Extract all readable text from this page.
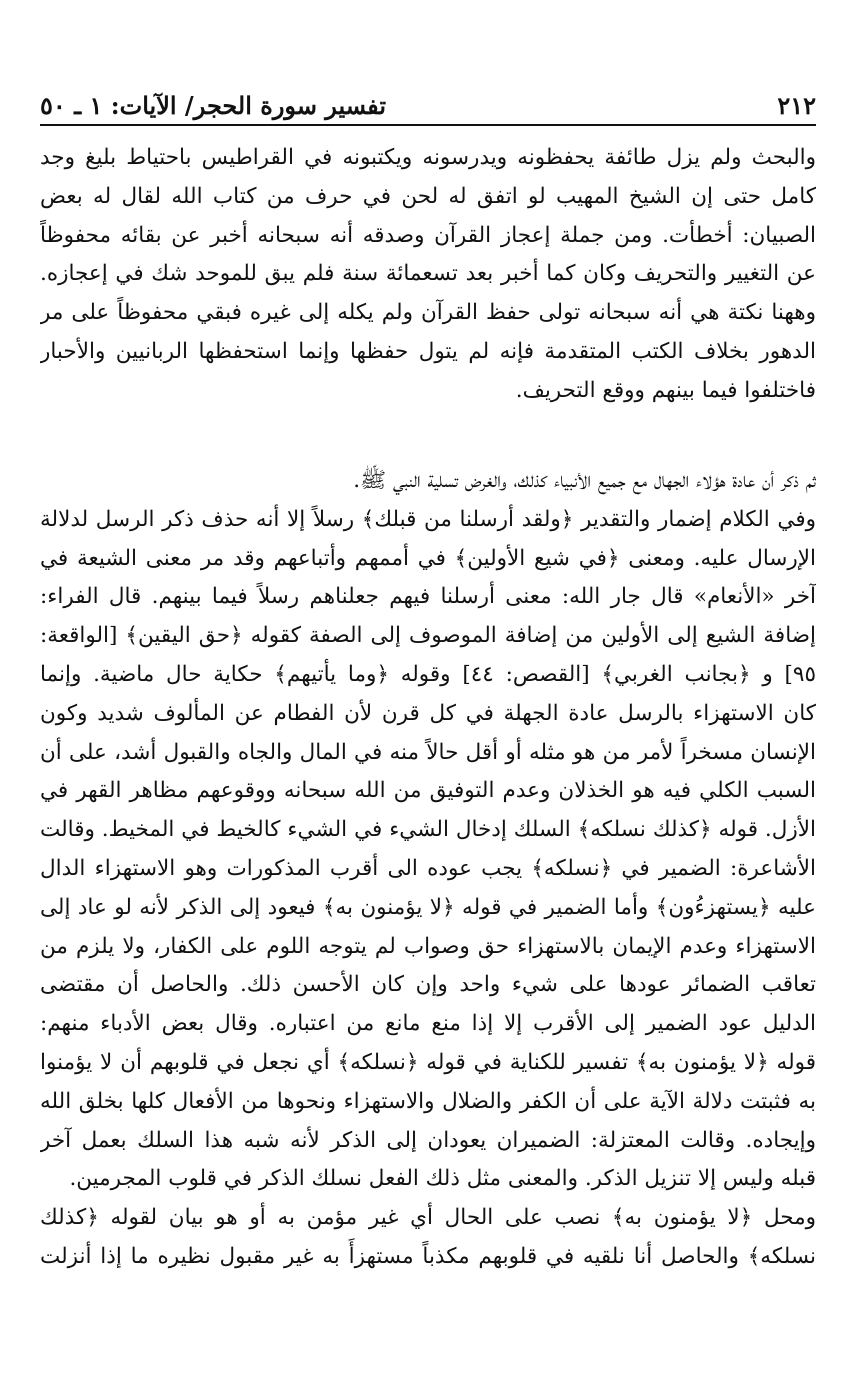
٢١٢
تفسير سورة الحجر/ الآيات: ١ ـ ٥٠
والبحث ولم يزل طائفة يحفظونه ويدرسونه ويكتبونه في القراطيس باحتياط بليغ وجد
كامل حتى إن الشيخ المهيب لو اتفق له لحن في حرف من كتاب الله لقال له بعض
الصبيان: أخطأت. ومن جملة إعجاز القرآن وصدقه أنه سبحانه أخبر عن بقائه محفوظاً
عن التغيير والتحريف وكان كما أخبر بعد تسعمائة سنة فلم يبق للموحد شك في إعجازه.
وههنا نكتة هي أنه سبحانه تولى حفظ القرآن ولم يكله إلى غيره فبقي محفوظاً على مر
الدهور بخلاف الكتب المتقدمة فإنه لم يتول حفظها وإنما استحفظها الربانيين والأحبار
فاختلفوا فيما بينهم ووقع التحريف.
ثم ذكر أن عادة هؤلاء الجهال مع جميع الأنبياء كذلك، والغرض تسلية النبي ﷺ.
وفي الكلام إضمار والتقدير ﴿ولقد أرسلنا من قبلك﴾ رسلاً إلا أنه حذف ذكر الرسل لدلالة
الإرسال عليه. ومعنى ﴿في شيع الأولين﴾ في أممهم وأتباعهم وقد مر معنى الشيعة في
آخر «الأنعام» قال جار الله: معنى أرسلنا فيهم جعلناهم رسلاً فيما بينهم. قال الفراء:
إضافة الشيع إلى الأولين من إضافة الموصوف إلى الصفة كقوله ﴿حق اليقين﴾ [الواقعة:
٩٥] و ﴿بجانب الغربي﴾ [القصص: ٤٤] وقوله ﴿وما يأتيهم﴾ حكاية حال ماضية. وإنما
كان الاستهزاء بالرسل عادة الجهلة في كل قرن لأن الفطام عن المألوف شديد وكون
الإنسان مسخراً لأمر من هو مثله أو أقل حالاً منه في المال والجاه والقبول أشد، على أن
السبب الكلي فيه هو الخذلان وعدم التوفيق من الله سبحانه ووقوعهم مظاهر القهر في
الأزل. قوله ﴿كذلك نسلكه﴾ السلك إدخال الشيء في الشيء كالخيط في المخيط. وقالت
الأشاعرة: الضمير في ﴿نسلكه﴾ يجب عوده الى أقرب المذكورات وهو الاستهزاء الدال
عليه ﴿يستهزءُون﴾ وأما الضمير في قوله ﴿لا يؤمنون به﴾ فيعود إلى الذكر لأنه لو عاد إلى
الاستهزاء وعدم الإيمان بالاستهزاء حق وصواب لم يتوجه اللوم على الكفار، ولا يلزم من
تعاقب الضمائر عودها على شيء واحد وإن كان الأحسن ذلك. والحاصل أن مقتضى
الدليل عود الضمير إلى الأقرب إلا إذا منع مانع من اعتباره. وقال بعض الأدباء منهم:
قوله ﴿لا يؤمنون به﴾ تفسير للكناية في قوله ﴿نسلكه﴾ أي نجعل في قلوبهم أن لا يؤمنوا
به فثبتت دلالة الآية على أن الكفر والضلال والاستهزاء ونحوها من الأفعال كلها بخلق الله
وإيجاده. وقالت المعتزلة: الضميران يعودان إلى الذكر لأنه شبه هذا السلك بعمل آخر
قبله وليس إلا تنزيل الذكر. والمعنى مثل ذلك الفعل نسلك الذكر في قلوب المجرمين.
ومحل ﴿لا يؤمنون به﴾ نصب على الحال أي غير مؤمن به أو هو بيان لقوله ﴿كذلك
نسلكه﴾ والحاصل أنا نلقيه في قلوبهم مكذباً مستهزأً به غير مقبول نظيره ما إذا أنزلت
